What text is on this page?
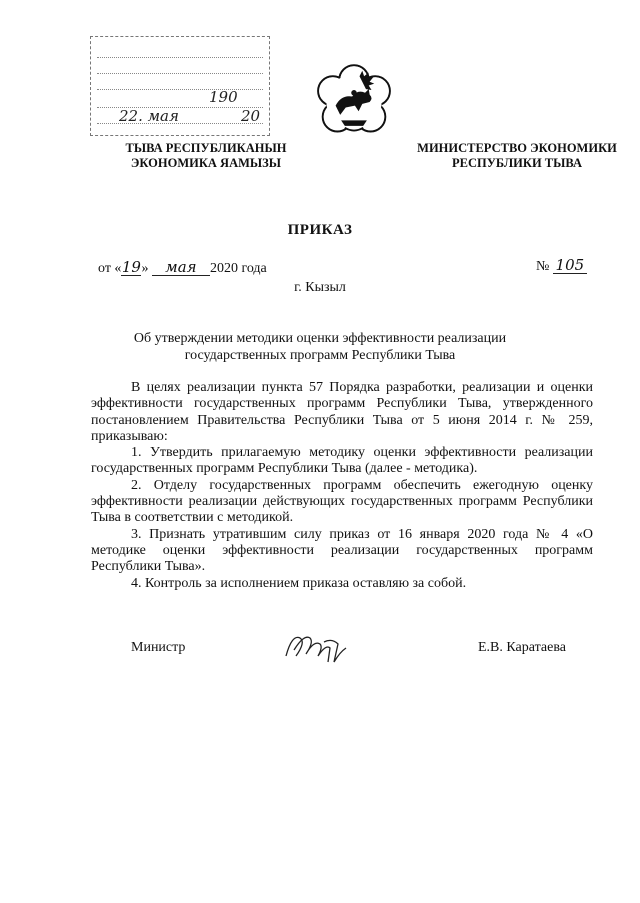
190
22. мая	20
ТЫВА РЕСПУБЛИКАНЫН
ЭКОНОМИКА ЯАМЫЗЫ
МИНИСТЕРСТВО ЭКОНОМИКИ
РЕСПУБЛИКИ ТЫВА
ПРИКАЗ
от «19» мая 2020 года	№ 105
г. Кызыл
Об утверждении методики оценки эффективности реализации государственных программ Республики Тыва

В целях реализации пункта 57 Порядка разработки, реализации и оценки эффективности государственных программ Республики Тыва, утвержденного постановлением Правительства Республики Тыва от 5 июня 2014 г. № 259, приказываю:

1. Утвердить прилагаемую методику оценки эффективности реализации государственных программ Республики Тыва (далее - методика).

2. Отделу государственных программ обеспечить ежегодную оценку эффективности реализации действующих государственных программ Республики Тыва в соответствии с методикой.

3. Признать утратившим силу приказ от 16 января 2020 года № 4 «О методике оценки эффективности реализации государственных программ Республики Тыва».

4. Контроль за исполнением приказа оставляю за собой.

Министр	Е.В. Каратаева
